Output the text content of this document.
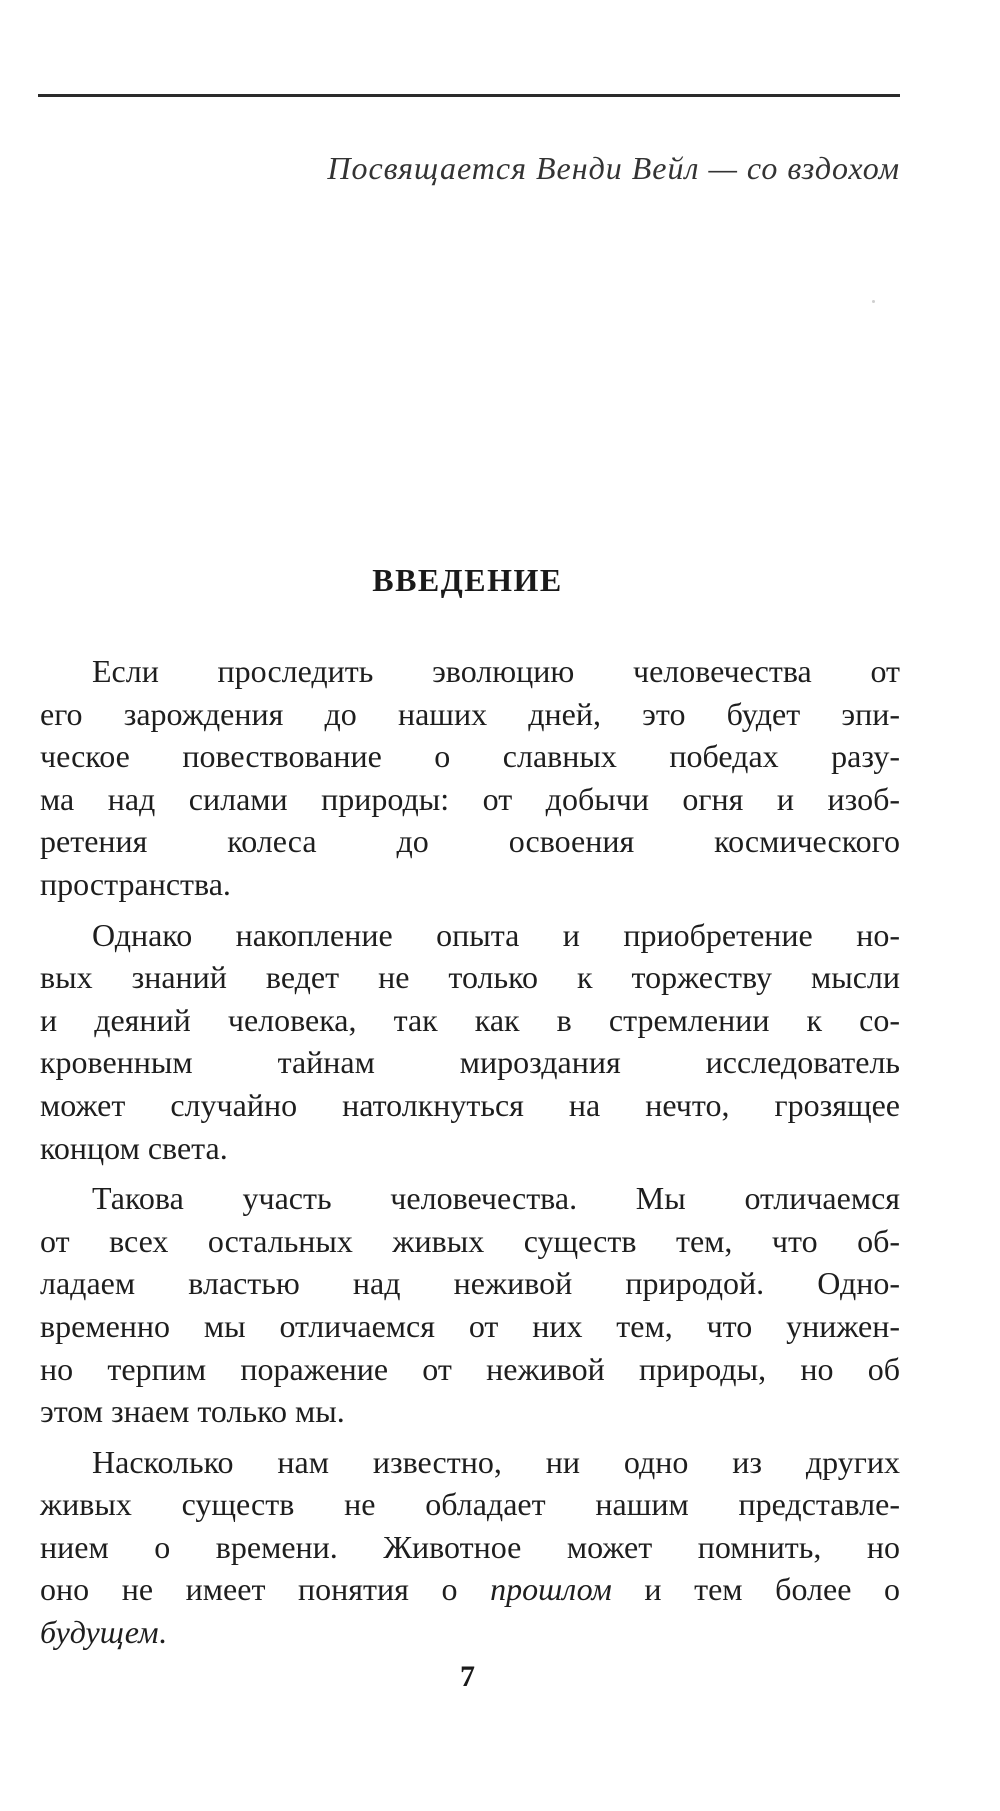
Посвящается Венди Вейл — со вздохом
ВВЕДЕНИЕ

Если проследить эволюцию человечества от
его зарождения до наших дней, это будет эпи-
ческое повествование о славных победах разу-
ма над силами природы: от добычи огня и изоб-
ретения колеса до освоения космического
пространства.

Однако накопление опыта и приобретение но-
вых знаний ведет не только к торжеству мысли
и деяний человека, так как в стремлении к со-
кровенным тайнам мироздания исследователь
может случайно натолкнуться на нечто, грозящее
концом света.

Такова участь человечества. Мы отличаемся
от всех остальных живых существ тем, что об-
ладаем властью над неживой природой. Одно-
временно мы отличаемся от них тем, что унижен-
но терпим поражение от неживой природы, но об
этом знаем только мы.

Насколько нам известно, ни одно из других
живых существ не обладает нашим представле-
нием о времени. Животное может помнить, но
оно не имеет понятия о прошлом и тем более о
будущем.

7
